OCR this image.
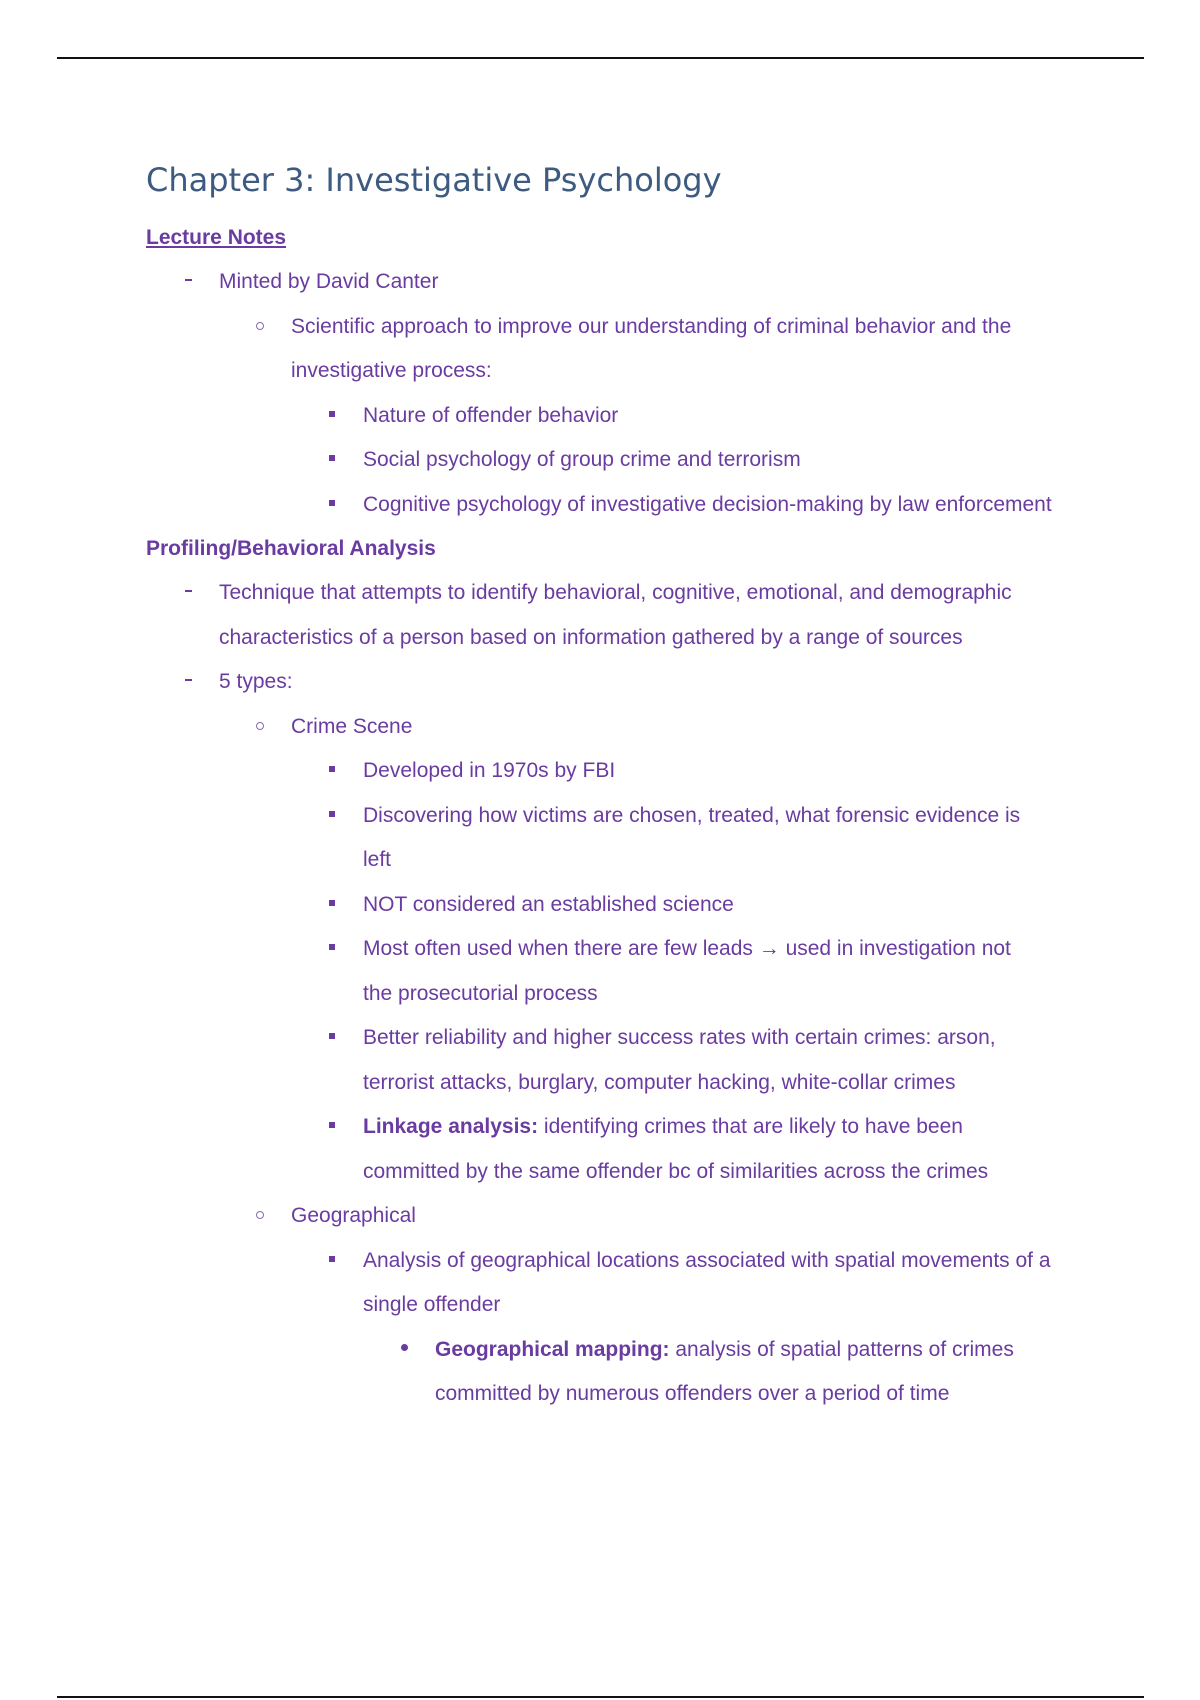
Chapter 3: Investigative Psychology
Lecture Notes
Minted by David Canter
Scientific approach to improve our understanding of criminal behavior and the
investigative process:
Nature of offender behavior
Social psychology of group crime and terrorism
Cognitive psychology of investigative decision-making by law enforcement
Profiling/Behavioral Analysis
Technique that attempts to identify behavioral, cognitive, emotional, and demographic
characteristics of a person based on information gathered by a range of sources
5 types:
Crime Scene
Developed in 1970s by FBI
Discovering how victims are chosen, treated, what forensic evidence is
left
NOT considered an established science
Most often used when there are few leads → used in investigation not
the prosecutorial process
Better reliability and higher success rates with certain crimes: arson,
terrorist attacks, burglary, computer hacking, white-collar crimes
Linkage analysis: identifying crimes that are likely to have been
committed by the same offender bc of similarities across the crimes
Geographical
Analysis of geographical locations associated with spatial movements of a
single offender
Geographical mapping: analysis of spatial patterns of crimes
committed by numerous offenders over a period of time
